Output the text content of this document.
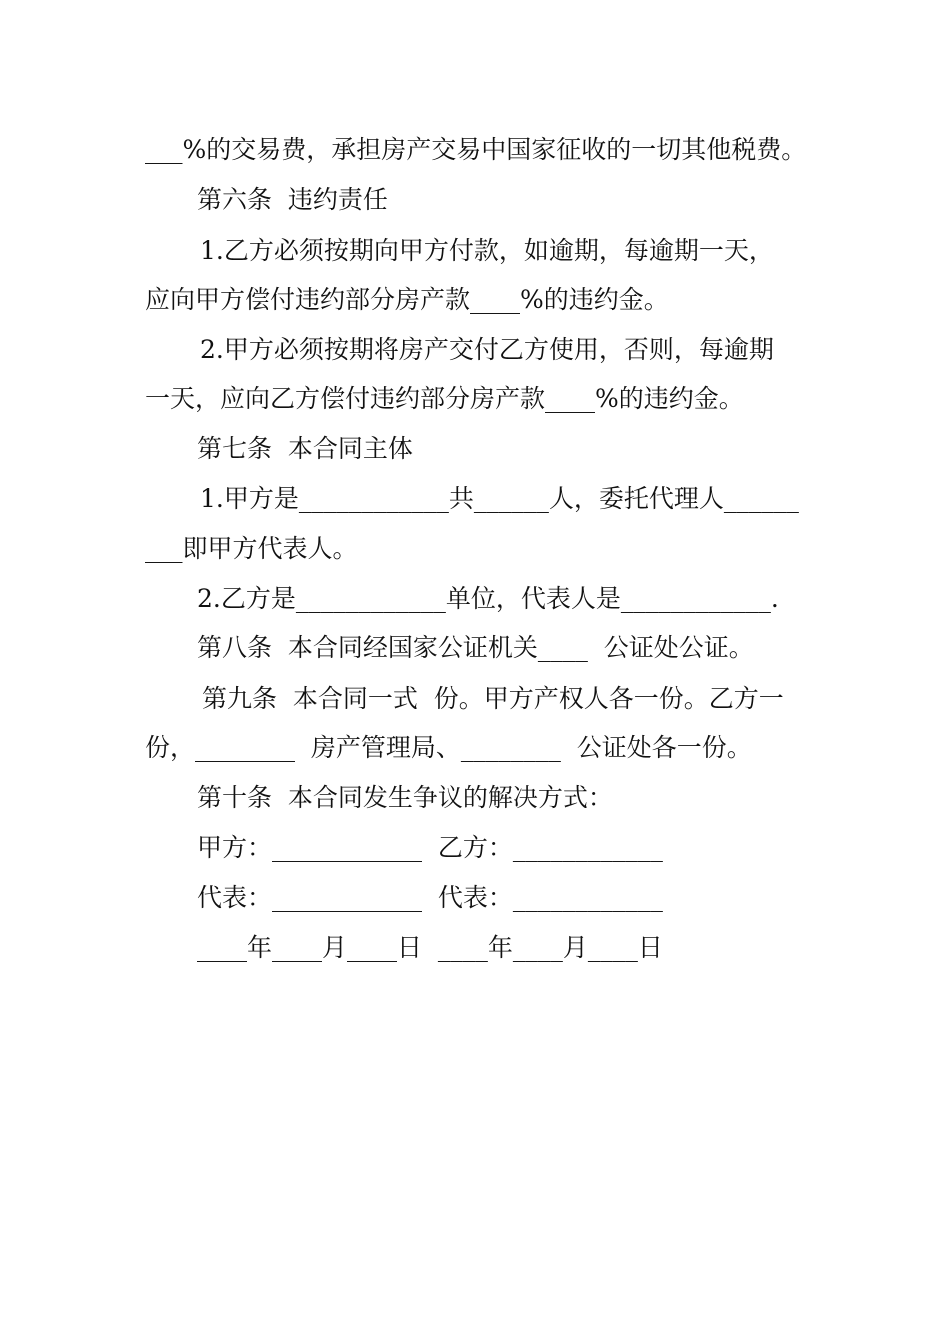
___%的交易费，承担房产交易中国家征收的一切其他税费。
第六条  违约责任
1.乙方必须按期向甲方付款，如逾期，每逾期一天，
应向甲方偿付违约部分房产款____%的违约金。
2.甲方必须按期将房产交付乙方使用，否则，每逾期
一天，应向乙方偿付违约部分房产款____%的违约金。
第七条  本合同主体
1.甲方是____________共______人，委托代理人______
___即甲方代表人。
2.乙方是____________单位，代表人是____________.
第八条  本合同经国家公证机关____  公证处公证。
第九条  本合同一式  份。甲方产权人各一份。乙方一
份，________  房产管理局、________  公证处各一份。
第十条  本合同发生争议的解决方式：
甲方：____________  乙方：____________
代表：____________  代表：____________
____年____月____日  ____年____月____日
